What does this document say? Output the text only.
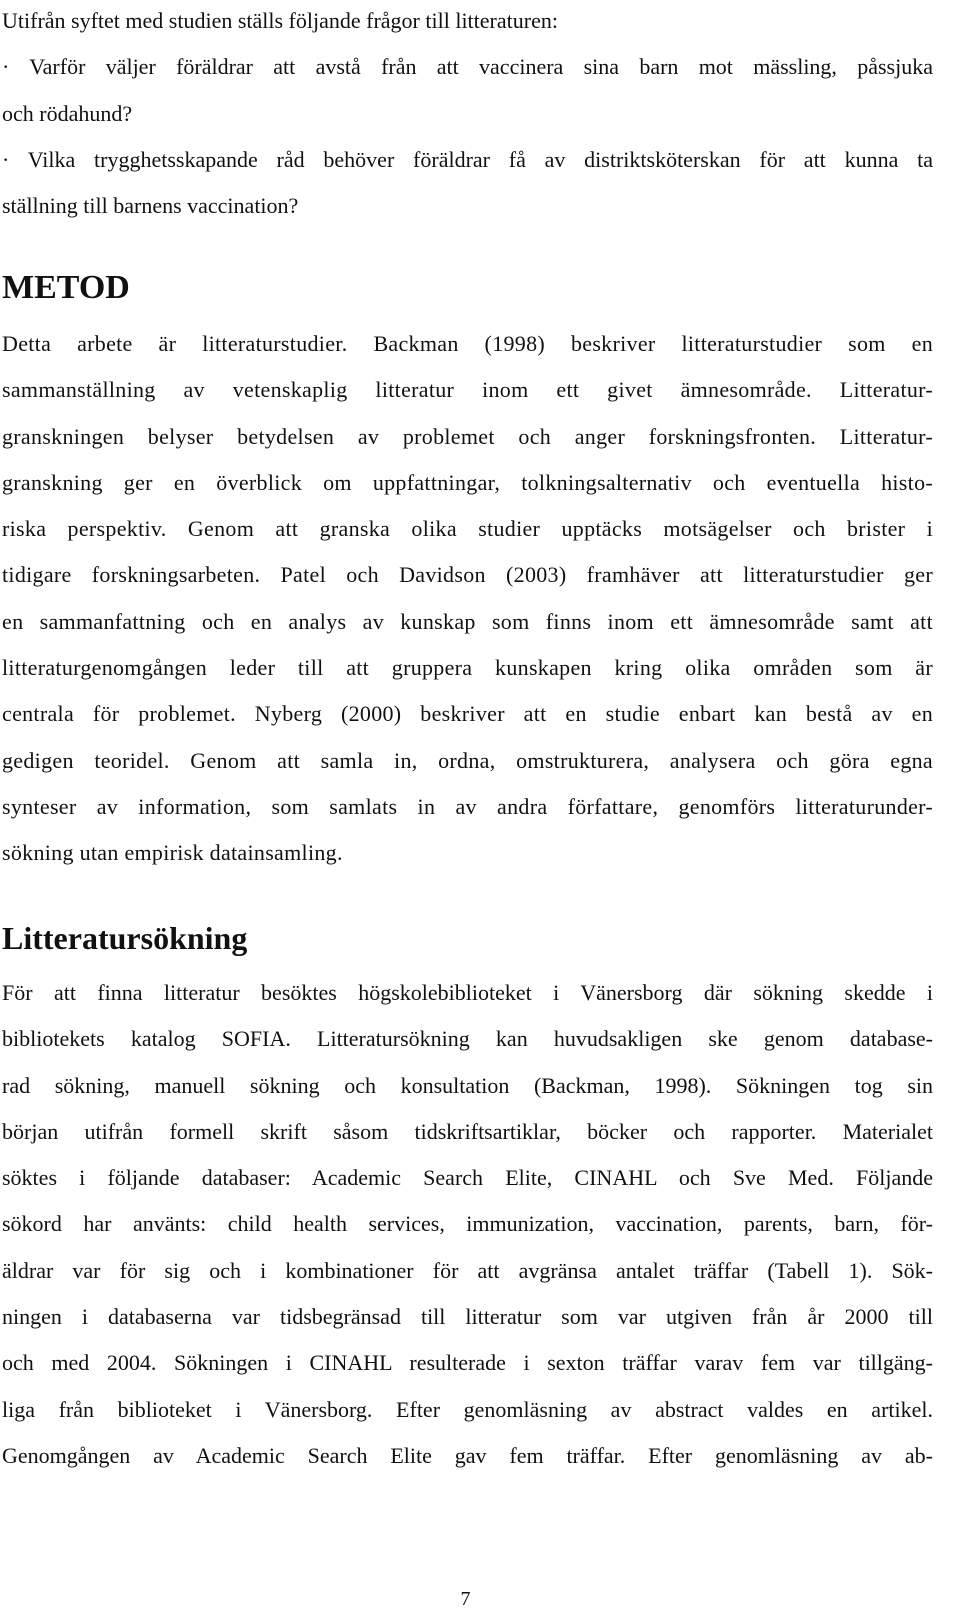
Utifrån syftet med studien ställs följande frågor till litteraturen:
· Varför väljer föräldrar att avstå från att vaccinera sina barn mot mässling, påssjuka
och rödahund?
· Vilka trygghetsskapande råd behöver föräldrar få av distriktsköterskan för att kunna ta
ställning till barnens vaccination?
METOD
Detta arbete är litteraturstudier. Backman (1998) beskriver litteraturstudier som en
sammanställning av vetenskaplig litteratur inom ett givet ämnesområde. Litteratur-
granskningen belyser betydelsen av problemet och anger forskningsfronten. Litteratur-
granskning ger en överblick om uppfattningar, tolkningsalternativ och eventuella histo-
riska perspektiv. Genom att granska olika studier upptäcks motsägelser och brister i
tidigare forskningsarbeten. Patel och Davidson (2003) framhäver att litteraturstudier ger
en sammanfattning och en analys av kunskap som finns inom ett ämnesområde samt att
litteraturgenomgången leder till att gruppera kunskapen kring olika områden som är
centrala för problemet. Nyberg (2000) beskriver att en studie enbart kan bestå av en
gedigen teoridel. Genom att samla in, ordna, omstrukturera, analysera och göra egna
synteser av information, som samlats in av andra författare, genomförs litteraturunder-
sökning utan empirisk datainsamling.
Litteratursökning
För att finna litteratur besöktes högskolebiblioteket i Vänersborg där sökning skedde i
bibliotekets katalog SOFIA. Litteratursökning kan huvudsakligen ske genom database-
rad sökning, manuell sökning och konsultation (Backman, 1998). Sökningen tog sin
början utifrån formell skrift såsom tidskriftsartiklar, böcker och rapporter. Materialet
söktes i följande databaser: Academic Search Elite, CINAHL och Sve Med. Följande
sökord har använts: child health services, immunization, vaccination, parents, barn, för-
äldrar var för sig och i kombinationer för att avgränsa antalet träffar (Tabell 1). Sök-
ningen i databaserna var tidsbegränsad till litteratur som var utgiven från år 2000 till
och med 2004. Sökningen i CINAHL resulterade i sexton träffar varav fem var tillgäng-
liga från biblioteket i Vänersborg. Efter genomläsning av abstract valdes en artikel.
Genomgången av Academic Search Elite gav fem träffar. Efter genomläsning av ab-
7
